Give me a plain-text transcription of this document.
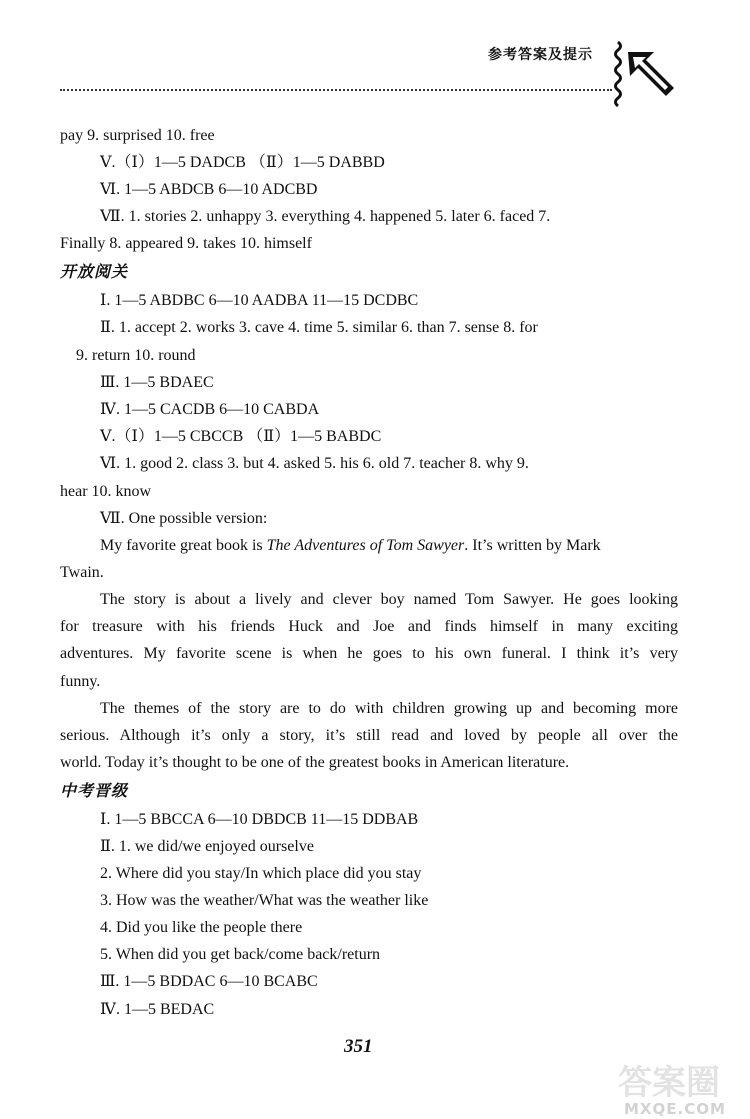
参考答案及提示
pay 9. surprised 10. free
Ⅴ.（Ⅰ）1—5 DADCB （Ⅱ）1—5 DABBD
Ⅵ. 1—5 ABDCB 6—10 ADCBD
Ⅶ. 1. stories 2. unhappy 3. everything 4. happened 5. later 6. faced 7.
Finally 8. appeared 9. takes 10. himself
开放阅关
Ⅰ. 1—5 ABDBC 6—10 AADBA 11—15 DCDBC
Ⅱ. 1. accept 2. works 3. cave 4. time 5. similar 6. than 7. sense 8. for
9. return 10. round
Ⅲ. 1—5 BDAEC
Ⅳ. 1—5 CACDB 6—10 CABDA
Ⅴ.（Ⅰ）1—5 CBCCB （Ⅱ）1—5 BABDC
Ⅵ. 1. good 2. class 3. but 4. asked 5. his 6. old 7. teacher 8. why 9.
hear 10. know
Ⅶ. One possible version:
My favorite great book is The Adventures of Tom Sawyer. It’s written by Mark
Twain.
The story is about a lively and clever boy named Tom Sawyer. He goes looking
for treasure with his friends Huck and Joe and finds himself in many exciting
adventures. My favorite scene is when he goes to his own funeral. I think it’s very
funny.
The themes of the story are to do with children growing up and becoming more
serious. Although it’s only a story, it’s still read and loved by people all over the
world. Today it’s thought to be one of the greatest books in American literature.
中考晋级
Ⅰ. 1—5 BBCCA 6—10 DBDCB 11—15 DDBAB
Ⅱ. 1. we did/we enjoyed ourselve
2. Where did you stay/In which place did you stay
3. How was the weather/What was the weather like
4. Did you like the people there
5. When did you get back/come back/return
Ⅲ. 1—5 BDDAC 6—10 BCABC
Ⅳ. 1—5 BEDAC
351
答案圈
MXQE.COM
